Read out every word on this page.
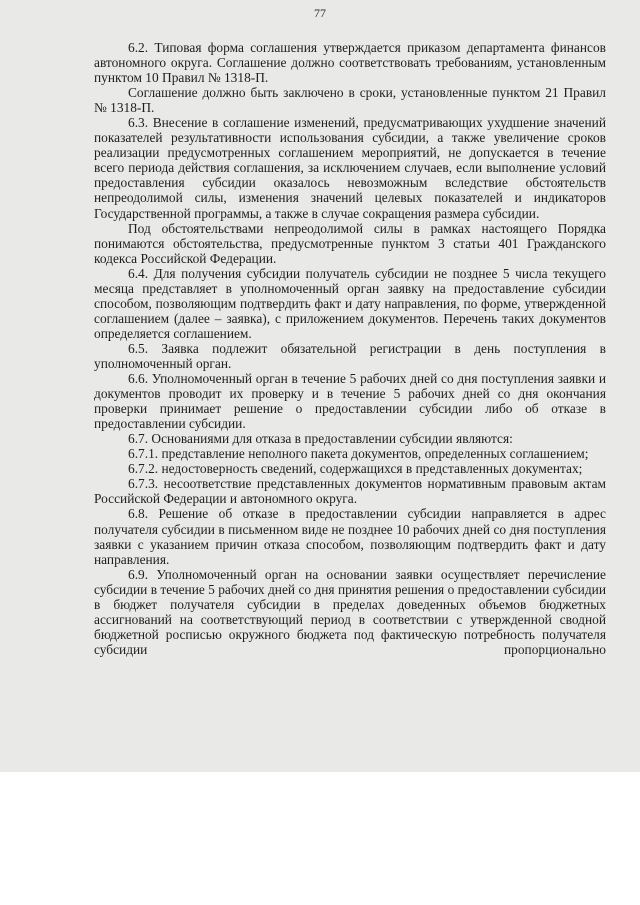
77

6.2. Типовая форма соглашения утверждается приказом департамента финансов автономного округа. Соглашение должно соответствовать требованиям, установленным пунктом 10 Правил № 1318-П.

Соглашение должно быть заключено в сроки, установленные пунктом 21 Правил № 1318-П.

6.3. Внесение в соглашение изменений, предусматривающих ухудшение значений показателей результативности использования субсидии, а также увеличение сроков реализации предусмотренных соглашением мероприятий, не допускается в течение всего периода действия соглашения, за исключением случаев, если выполнение условий предоставления субсидии оказалось невозможным вследствие обстоятельств непреодолимой силы, изменения значений целевых показателей и индикаторов Государственной программы, а также в случае сокращения размера субсидии.

Под обстоятельствами непреодолимой силы в рамках настоящего Порядка понимаются обстоятельства, предусмотренные пунктом 3 статьи 401 Гражданского кодекса Российской Федерации.

6.4. Для получения субсидии получатель субсидии не позднее 5 числа текущего месяца представляет в уполномоченный орган заявку на предоставление субсидии способом, позволяющим подтвердить факт и дату направления, по форме, утвержденной соглашением (далее – заявка), с приложением документов. Перечень таких документов определяется соглашением.

6.5. Заявка подлежит обязательной регистрации в день поступления в уполномоченный орган.

6.6. Уполномоченный орган в течение 5 рабочих дней со дня поступления заявки и документов проводит их проверку и в течение 5 рабочих дней со дня окончания проверки принимает решение о предоставлении субсидии либо об отказе в предоставлении субсидии.

6.7. Основаниями для отказа в предоставлении субсидии являются:

6.7.1. представление неполного пакета документов, определенных соглашением;

6.7.2. недостоверность сведений, содержащихся в представленных документах;

6.7.3. несоответствие представленных документов нормативным правовым актам Российской Федерации и автономного округа.

6.8. Решение об отказе в предоставлении субсидии направляется в адрес получателя субсидии в письменном виде не позднее 10 рабочих дней со дня поступления заявки с указанием причин отказа способом, позволяющим подтвердить факт и дату направления.

6.9. Уполномоченный орган на основании заявки осуществляет перечисление субсидии в течение 5 рабочих дней со дня принятия решения о предоставлении субсидии в бюджет получателя субсидии в пределах доведенных объемов бюджетных ассигнований на соответствующий период в соответствии с утвержденной сводной бюджетной росписью окружного бюджета под фактическую потребность получателя субсидии пропорционально
